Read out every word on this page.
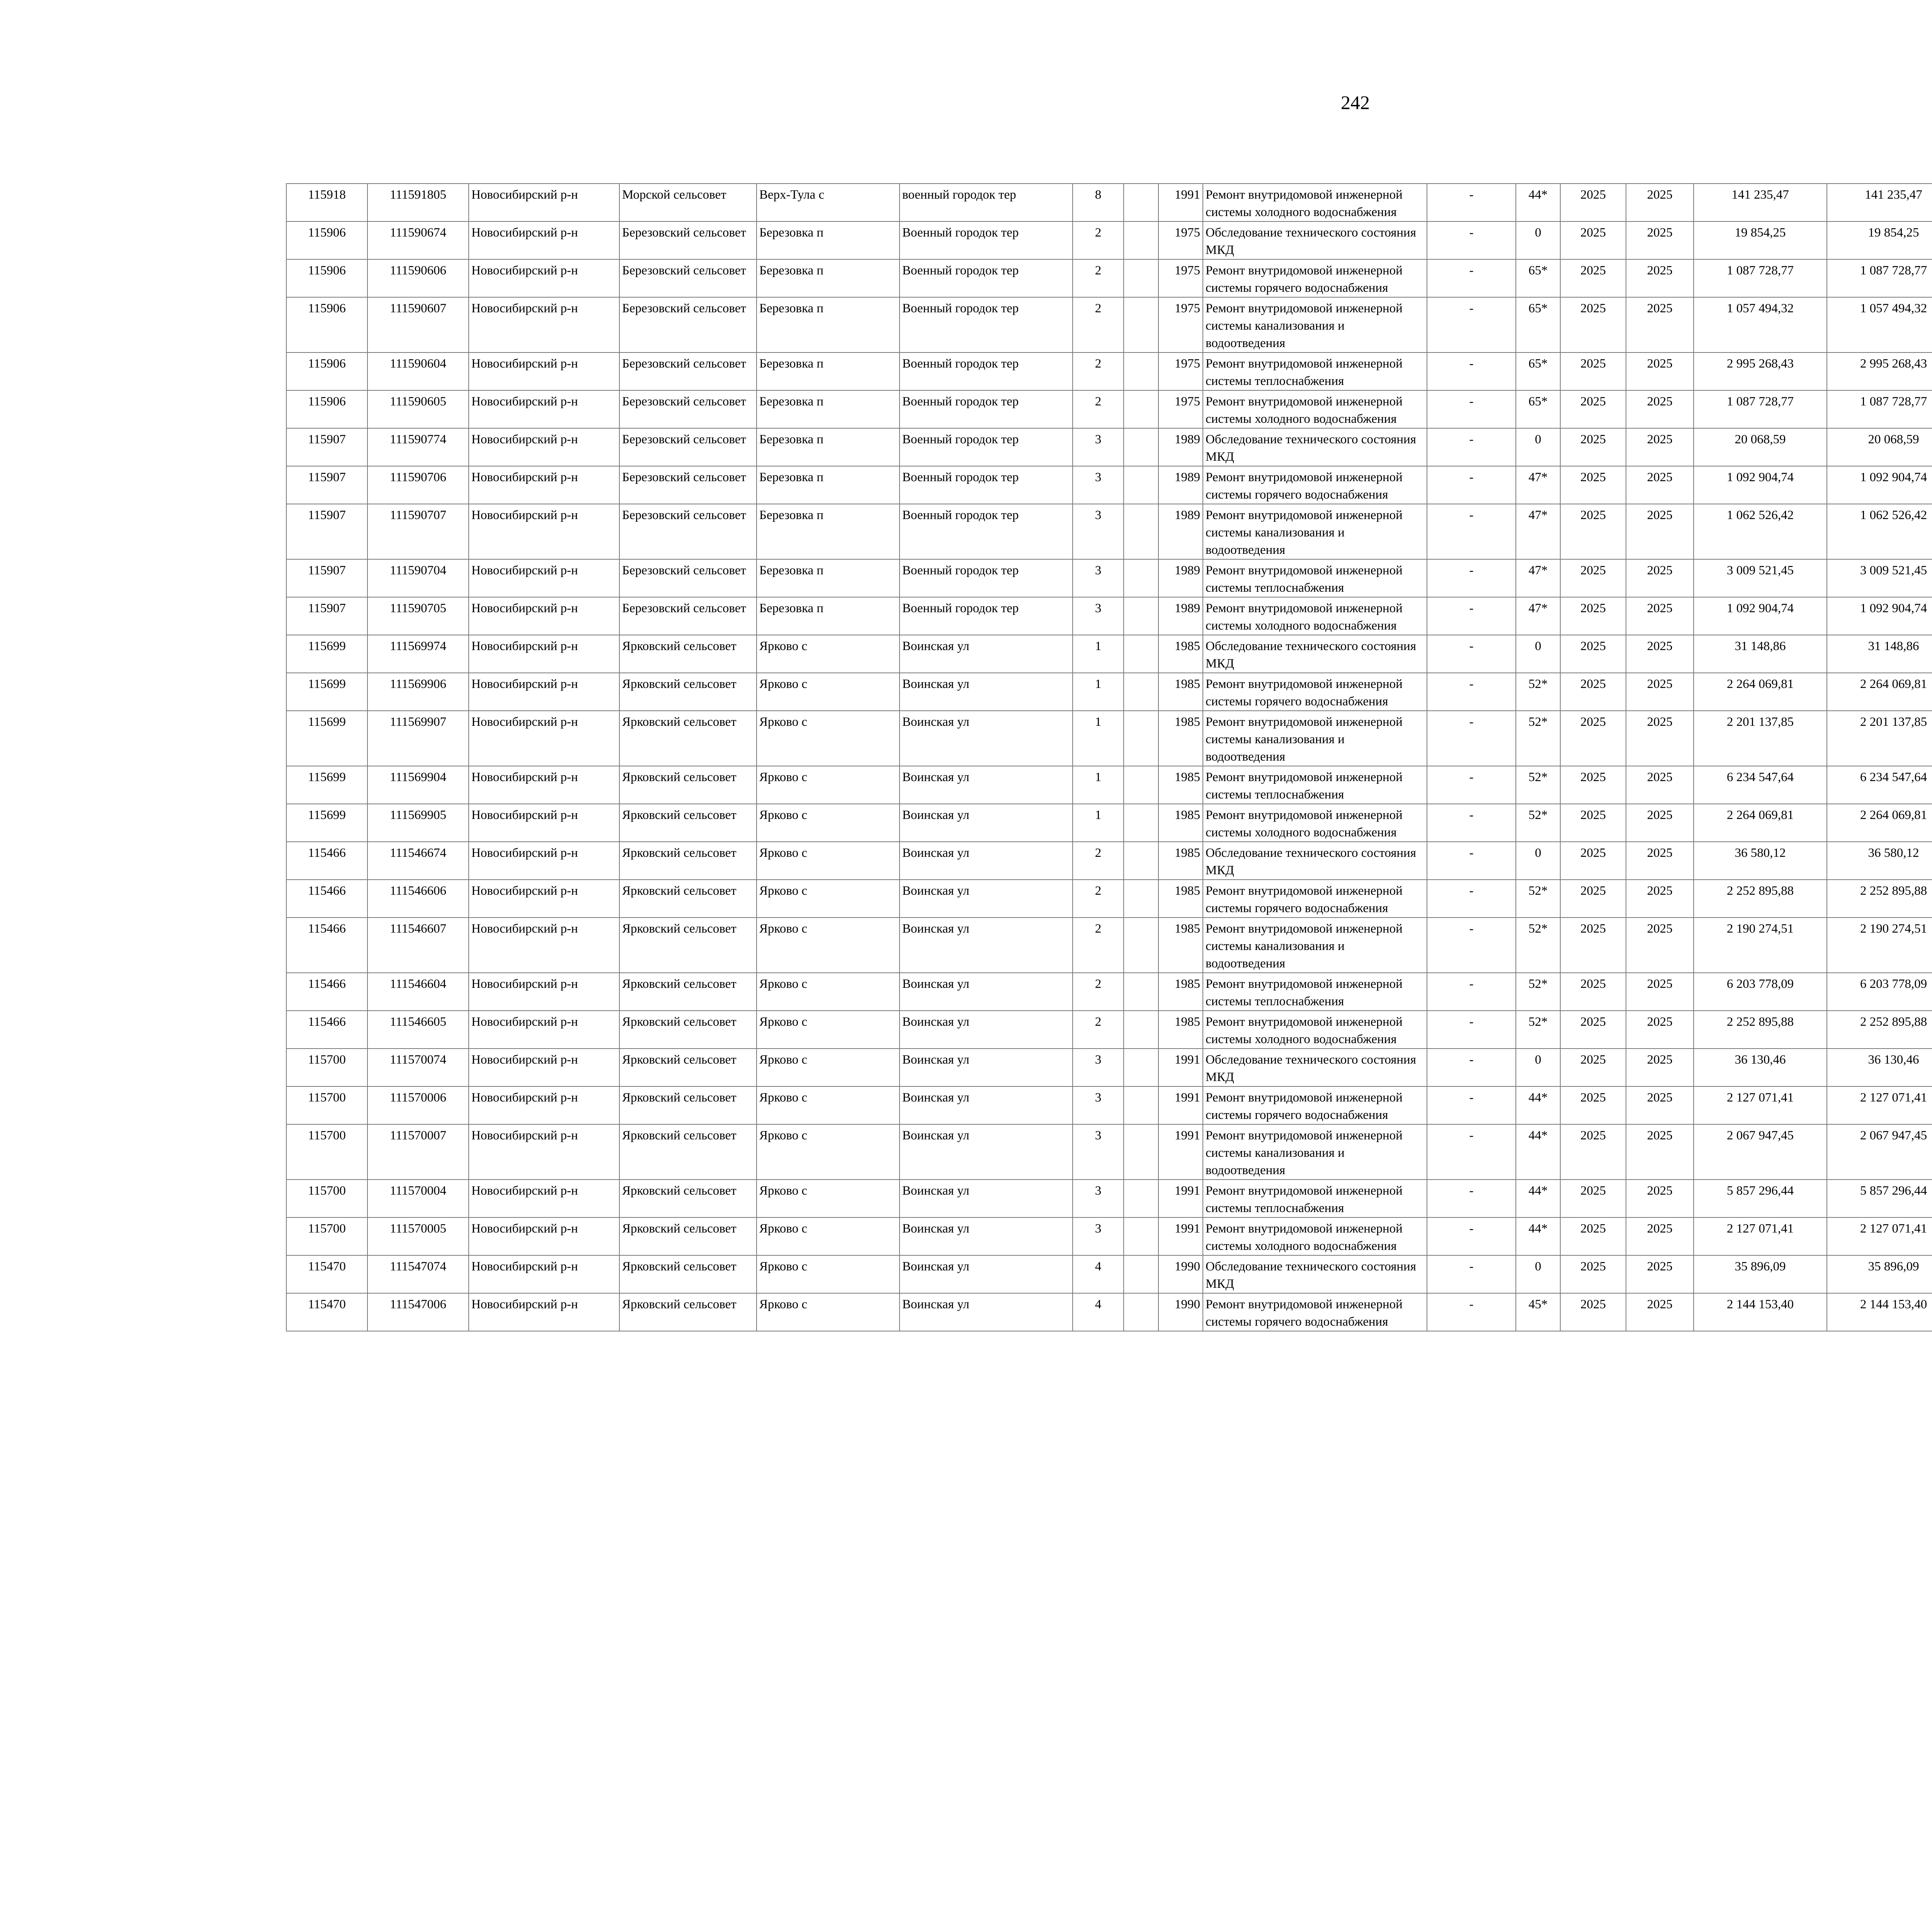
242
115918	111591805	Новосибирский р-н	Морской сельсовет	Верх-Тула с	военный городок тер	8		1991	Ремонт внутридомовой инженерной системы холодного водоснабжения	-	44*	2025	2025	141 235,47	141 235,47						
115906	111590674	Новосибирский р-н	Березовский сельсовет	Березовка п	Военный городок тер	2		1975	Обследование технического состояния МКД	-	0	2025	2025	19 854,25	19 854,25						
115906	111590606	Новосибирский р-н	Березовский сельсовет	Березовка п	Военный городок тер	2		1975	Ремонт внутридомовой инженерной системы горячего водоснабжения	-	65*	2025	2025	1 087 728,77	1 087 728,77						
115906	111590607	Новосибирский р-н	Березовский сельсовет	Березовка п	Военный городок тер	2		1975	Ремонт внутридомовой инженерной системы канализования и водоотведения	-	65*	2025	2025	1 057 494,32	1 057 494,32						
115906	111590604	Новосибирский р-н	Березовский сельсовет	Березовка п	Военный городок тер	2		1975	Ремонт внутридомовой инженерной системы теплоснабжения	-	65*	2025	2025	2 995 268,43	2 995 268,43						
115906	111590605	Новосибирский р-н	Березовский сельсовет	Березовка п	Военный городок тер	2		1975	Ремонт внутридомовой инженерной системы холодного водоснабжения	-	65*	2025	2025	1 087 728,77	1 087 728,77						
115907	111590774	Новосибирский р-н	Березовский сельсовет	Березовка п	Военный городок тер	3		1989	Обследование технического состояния МКД	-	0	2025	2025	20 068,59	20 068,59						
115907	111590706	Новосибирский р-н	Березовский сельсовет	Березовка п	Военный городок тер	3		1989	Ремонт внутридомовой инженерной системы горячего водоснабжения	-	47*	2025	2025	1 092 904,74	1 092 904,74						
115907	111590707	Новосибирский р-н	Березовский сельсовет	Березовка п	Военный городок тер	3		1989	Ремонт внутридомовой инженерной системы канализования и водоотведения	-	47*	2025	2025	1 062 526,42	1 062 526,42						
115907	111590704	Новосибирский р-н	Березовский сельсовет	Березовка п	Военный городок тер	3		1989	Ремонт внутридомовой инженерной системы теплоснабжения	-	47*	2025	2025	3 009 521,45	3 009 521,45						
115907	111590705	Новосибирский р-н	Березовский сельсовет	Березовка п	Военный городок тер	3		1989	Ремонт внутридомовой инженерной системы холодного водоснабжения	-	47*	2025	2025	1 092 904,74	1 092 904,74						
115699	111569974	Новосибирский р-н	Ярковский сельсовет	Ярково с	Воинская ул	1		1985	Обследование технического состояния МКД	-	0	2025	2025	31 148,86	31 148,86						
115699	111569906	Новосибирский р-н	Ярковский сельсовет	Ярково с	Воинская ул	1		1985	Ремонт внутридомовой инженерной системы горячего водоснабжения	-	52*	2025	2025	2 264 069,81	2 264 069,81						
115699	111569907	Новосибирский р-н	Ярковский сельсовет	Ярково с	Воинская ул	1		1985	Ремонт внутридомовой инженерной системы канализования и водоотведения	-	52*	2025	2025	2 201 137,85	2 201 137,85						
115699	111569904	Новосибирский р-н	Ярковский сельсовет	Ярково с	Воинская ул	1		1985	Ремонт внутридомовой инженерной системы теплоснабжения	-	52*	2025	2025	6 234 547,64	6 234 547,64						
115699	111569905	Новосибирский р-н	Ярковский сельсовет	Ярково с	Воинская ул	1		1985	Ремонт внутридомовой инженерной системы холодного водоснабжения	-	52*	2025	2025	2 264 069,81	2 264 069,81						
115466	111546674	Новосибирский р-н	Ярковский сельсовет	Ярково с	Воинская ул	2		1985	Обследование технического состояния МКД	-	0	2025	2025	36 580,12	36 580,12						
115466	111546606	Новосибирский р-н	Ярковский сельсовет	Ярково с	Воинская ул	2		1985	Ремонт внутридомовой инженерной системы горячего водоснабжения	-	52*	2025	2025	2 252 895,88	2 252 895,88						
115466	111546607	Новосибирский р-н	Ярковский сельсовет	Ярково с	Воинская ул	2		1985	Ремонт внутридомовой инженерной системы канализования и водоотведения	-	52*	2025	2025	2 190 274,51	2 190 274,51						
115466	111546604	Новосибирский р-н	Ярковский сельсовет	Ярково с	Воинская ул	2		1985	Ремонт внутридомовой инженерной системы теплоснабжения	-	52*	2025	2025	6 203 778,09	6 203 778,09						
115466	111546605	Новосибирский р-н	Ярковский сельсовет	Ярково с	Воинская ул	2		1985	Ремонт внутридомовой инженерной системы холодного водоснабжения	-	52*	2025	2025	2 252 895,88	2 252 895,88						
115700	111570074	Новосибирский р-н	Ярковский сельсовет	Ярково с	Воинская ул	3		1991	Обследование технического состояния МКД	-	0	2025	2025	36 130,46	36 130,46						
115700	111570006	Новосибирский р-н	Ярковский сельсовет	Ярково с	Воинская ул	3		1991	Ремонт внутридомовой инженерной системы горячего водоснабжения	-	44*	2025	2025	2 127 071,41	2 127 071,41						
115700	111570007	Новосибирский р-н	Ярковский сельсовет	Ярково с	Воинская ул	3		1991	Ремонт внутридомовой инженерной системы канализования и водоотведения	-	44*	2025	2025	2 067 947,45	2 067 947,45						
115700	111570004	Новосибирский р-н	Ярковский сельсовет	Ярково с	Воинская ул	3		1991	Ремонт внутридомовой инженерной системы теплоснабжения	-	44*	2025	2025	5 857 296,44	5 857 296,44						
115700	111570005	Новосибирский р-н	Ярковский сельсовет	Ярково с	Воинская ул	3		1991	Ремонт внутридомовой инженерной системы холодного водоснабжения	-	44*	2025	2025	2 127 071,41	2 127 071,41						
115470	111547074	Новосибирский р-н	Ярковский сельсовет	Ярково с	Воинская ул	4		1990	Обследование технического состояния МКД	-	0	2025	2025	35 896,09	35 896,09						
115470	111547006	Новосибирский р-н	Ярковский сельсовет	Ярково с	Воинская ул	4		1990	Ремонт внутридомовой инженерной системы горячего водоснабжения	-	45*	2025	2025	2 144 153,40	2 144 153,40						
